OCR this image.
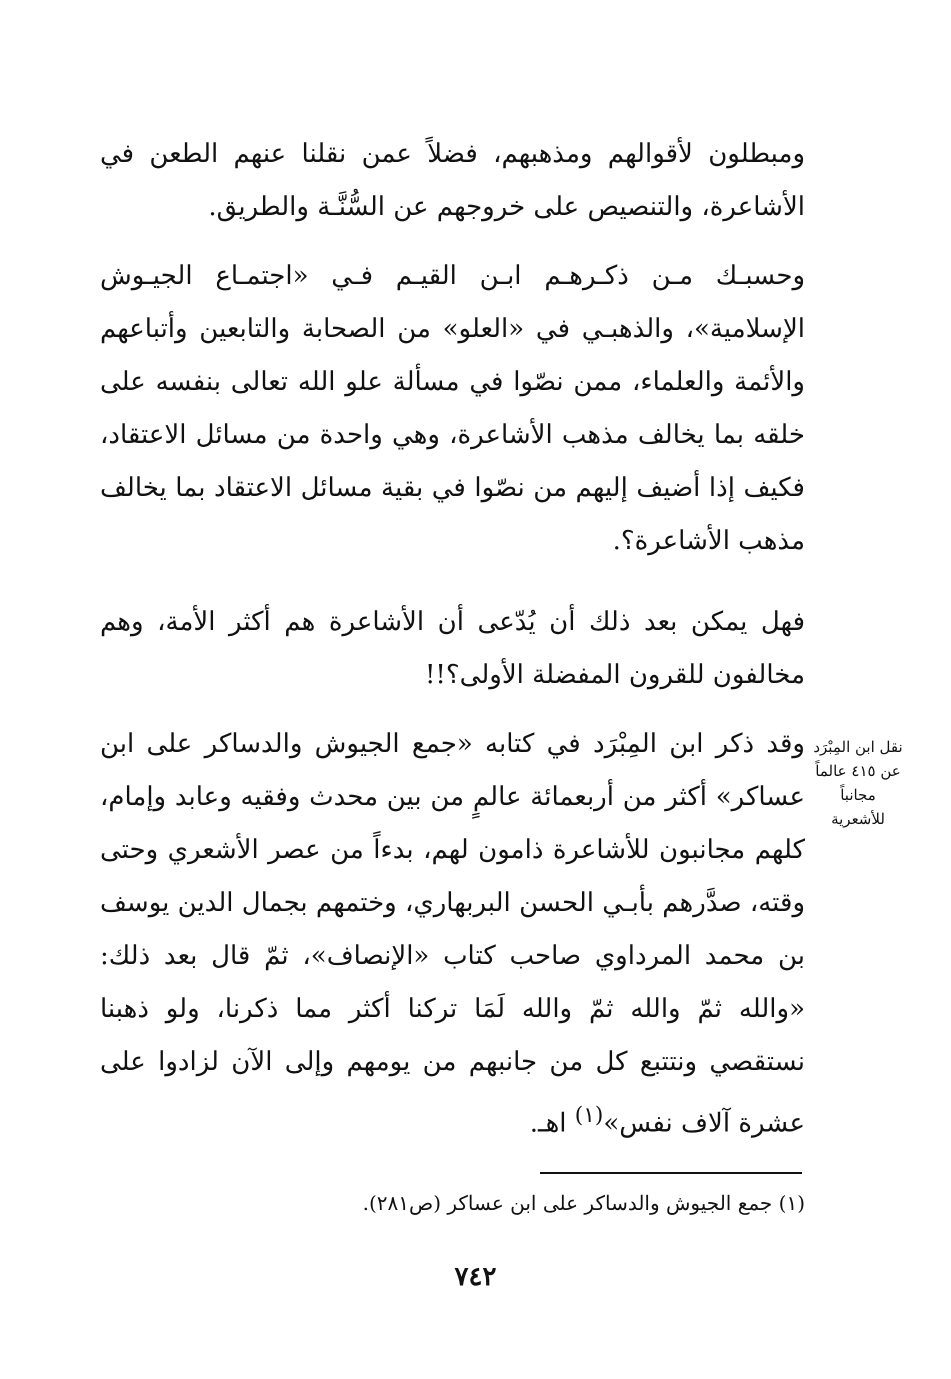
ومبطلون لأقوالهم ومذهبهم، فضلاً عمن نقلنا عنهم الطعن في الأشاعرة، والتنصيص على خروجهم عن السُّنَّـة والطريق.

وحسبـك مـن ذكـرهـم ابـن القيـم فـي «اجتمـاع الجيـوش الإسلامية»، والذهبـي في «العلو» من الصحابة والتابعين وأتباعهم والأئمة والعلماء، ممن نصّوا في مسألة علو الله تعالى بنفسه على خلقه بما يخالف مذهب الأشاعرة، وهي واحدة من مسائل الاعتقاد، فكيف إذا أضيف إليهم من نصّوا في بقية مسائل الاعتقاد بما يخالف مذهب الأشاعرة؟.

فهل يمكن بعد ذلك أن يُدّعى أن الأشاعرة هم أكثر الأمة، وهم مخالفون للقرون المفضلة الأولى؟!!

وقد ذكر ابن المِبْرَد في كتابه «جمع الجيوش والدساكر على ابن عساكر» أكثر من أربعمائة عالمٍ من بين محدث وفقيه وعابد وإمام، كلهم مجانبون للأشاعرة ذامون لهم، بدءاً من عصر الأشعري وحتى وقته، صدَّرهم بأبـي الحسن البربهاري، وختمهم بجمال الدين يوسف بن محمد المرداوي صاحب كتاب «الإنصاف»، ثمّ قال بعد ذلك: «والله ثمّ والله ثمّ والله لَمَا تركنا أكثر مما ذكرنا، ولو ذهبنا نستقصي ونتتبع كل من جانبهم من يومهم وإلى الآن لزادوا على عشرة آلاف نفس»$^{(١)}$ اهـ.

نقل ابن المِبْرَد عن ٤١٥ عالماً مجانباً للأشعرية

(١) جمع الجيوش والدساكر على ابن عساكر (ص٢٨١).

٧٤٢
